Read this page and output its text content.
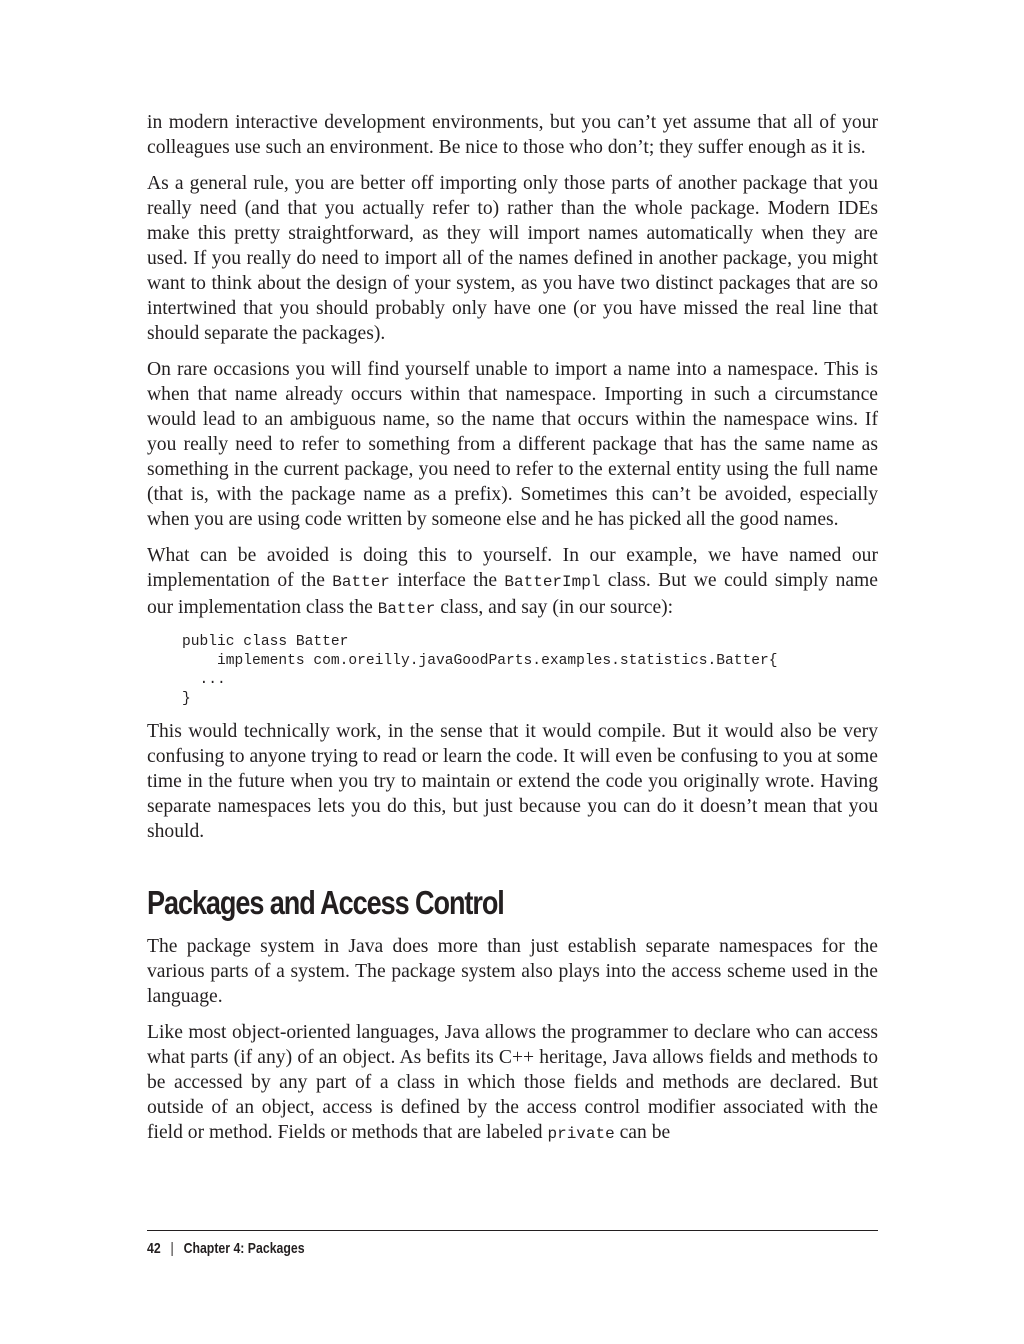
in modern interactive development environments, but you can’t yet assume that all of your colleagues use such an environment. Be nice to those who don’t; they suffer enough as it is.

As a general rule, you are better off importing only those parts of another package that you really need (and that you actually refer to) rather than the whole package. Modern IDEs make this pretty straightforward, as they will import names automatically when they are used. If you really do need to import all of the names defined in another package, you might want to think about the design of your system, as you have two distinct packages that are so intertwined that you should probably only have one (or you have missed the real line that should separate the packages).

On rare occasions you will find yourself unable to import a name into a namespace. This is when that name already occurs within that namespace. Importing in such a circumstance would lead to an ambiguous name, so the name that occurs within the namespace wins. If you really need to refer to something from a different package that has the same name as something in the current package, you need to refer to the external entity using the full name (that is, with the package name as a prefix). Sometimes this can’t be avoided, especially when you are using code written by someone else and he has picked all the good names.

What can be avoided is doing this to yourself. In our example, we have named our implementation of the Batter interface the BatterImpl class. But we could simply name our implementation class the Batter class, and say (in our source):

public class Batter
implements com.oreilly.javaGoodParts.examples.statistics.Batter{
...
}

This would technically work, in the sense that it would compile. But it would also be very confusing to anyone trying to read or learn the code. It will even be confusing to you at some time in the future when you try to maintain or extend the code you originally wrote. Having separate namespaces lets you do this, but just because you can do it doesn’t mean that you should.

Packages and Access Control

The package system in Java does more than just establish separate namespaces for the various parts of a system. The package system also plays into the access scheme used in the language.

Like most object-oriented languages, Java allows the programmer to declare who can access what parts (if any) of an object. As befits its C++ heritage, Java allows fields and methods to be accessed by any part of a class in which those fields and methods are declared. But outside of an object, access is defined by the access control modifier associated with the field or method. Fields or methods that are labeled private can be

42 | Chapter 4: Packages
